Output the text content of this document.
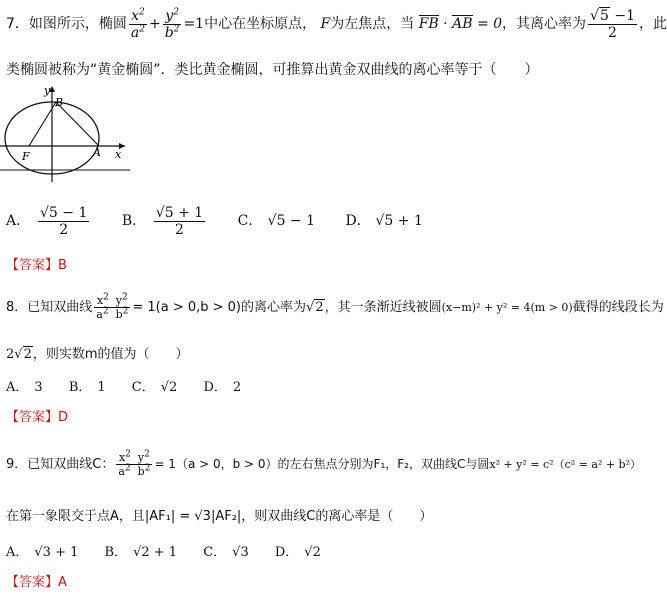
7．如图所示，椭圆 $\frac{x^2}{a^2} + \frac{y^2}{b^2} =1$中心在坐标原点， F为左焦点，当 FB · AB = 0，其离心率为 $\frac{√5 -1}{2}$ ，此
类椭圆被称为“黄金椭圆”．类比黄金椭圆，可推算出黄金双曲线的离心率等于（　　）
y
B
F	A x
A． $\frac{√5 - 1}{2}$ B． $\frac{√5 + 1}{2}$ C． √5 − 1 D． √5 + 1
【答案】B
8．已知双曲线 $\frac{x^2 y^2}{a^2 b^2} = 1(a > 0,b > 0)$的离心率为√2，其一条渐近线被圆(x−m)² + y² = 4(m > 0)截得的线段长为
2√2，则实数m的值为（　　）
A． 3 B． 1 C． √2 D． 2
【答案】D
9．已知双曲线C： $\frac{x^2 y^2}{a^2 b^2} = 1(a > 0$，b > 0）的左右焦点分别为F₁，F₂，双曲线C与圆x² + y² = c²（c² = a² + b²）
在第一象限交于点A，且|AF₁| = √3|AF₂|，则双曲线C的离心率是（　　）
A． √3 + 1 B． √2 + 1 C． √3 D． √2
【答案】A
